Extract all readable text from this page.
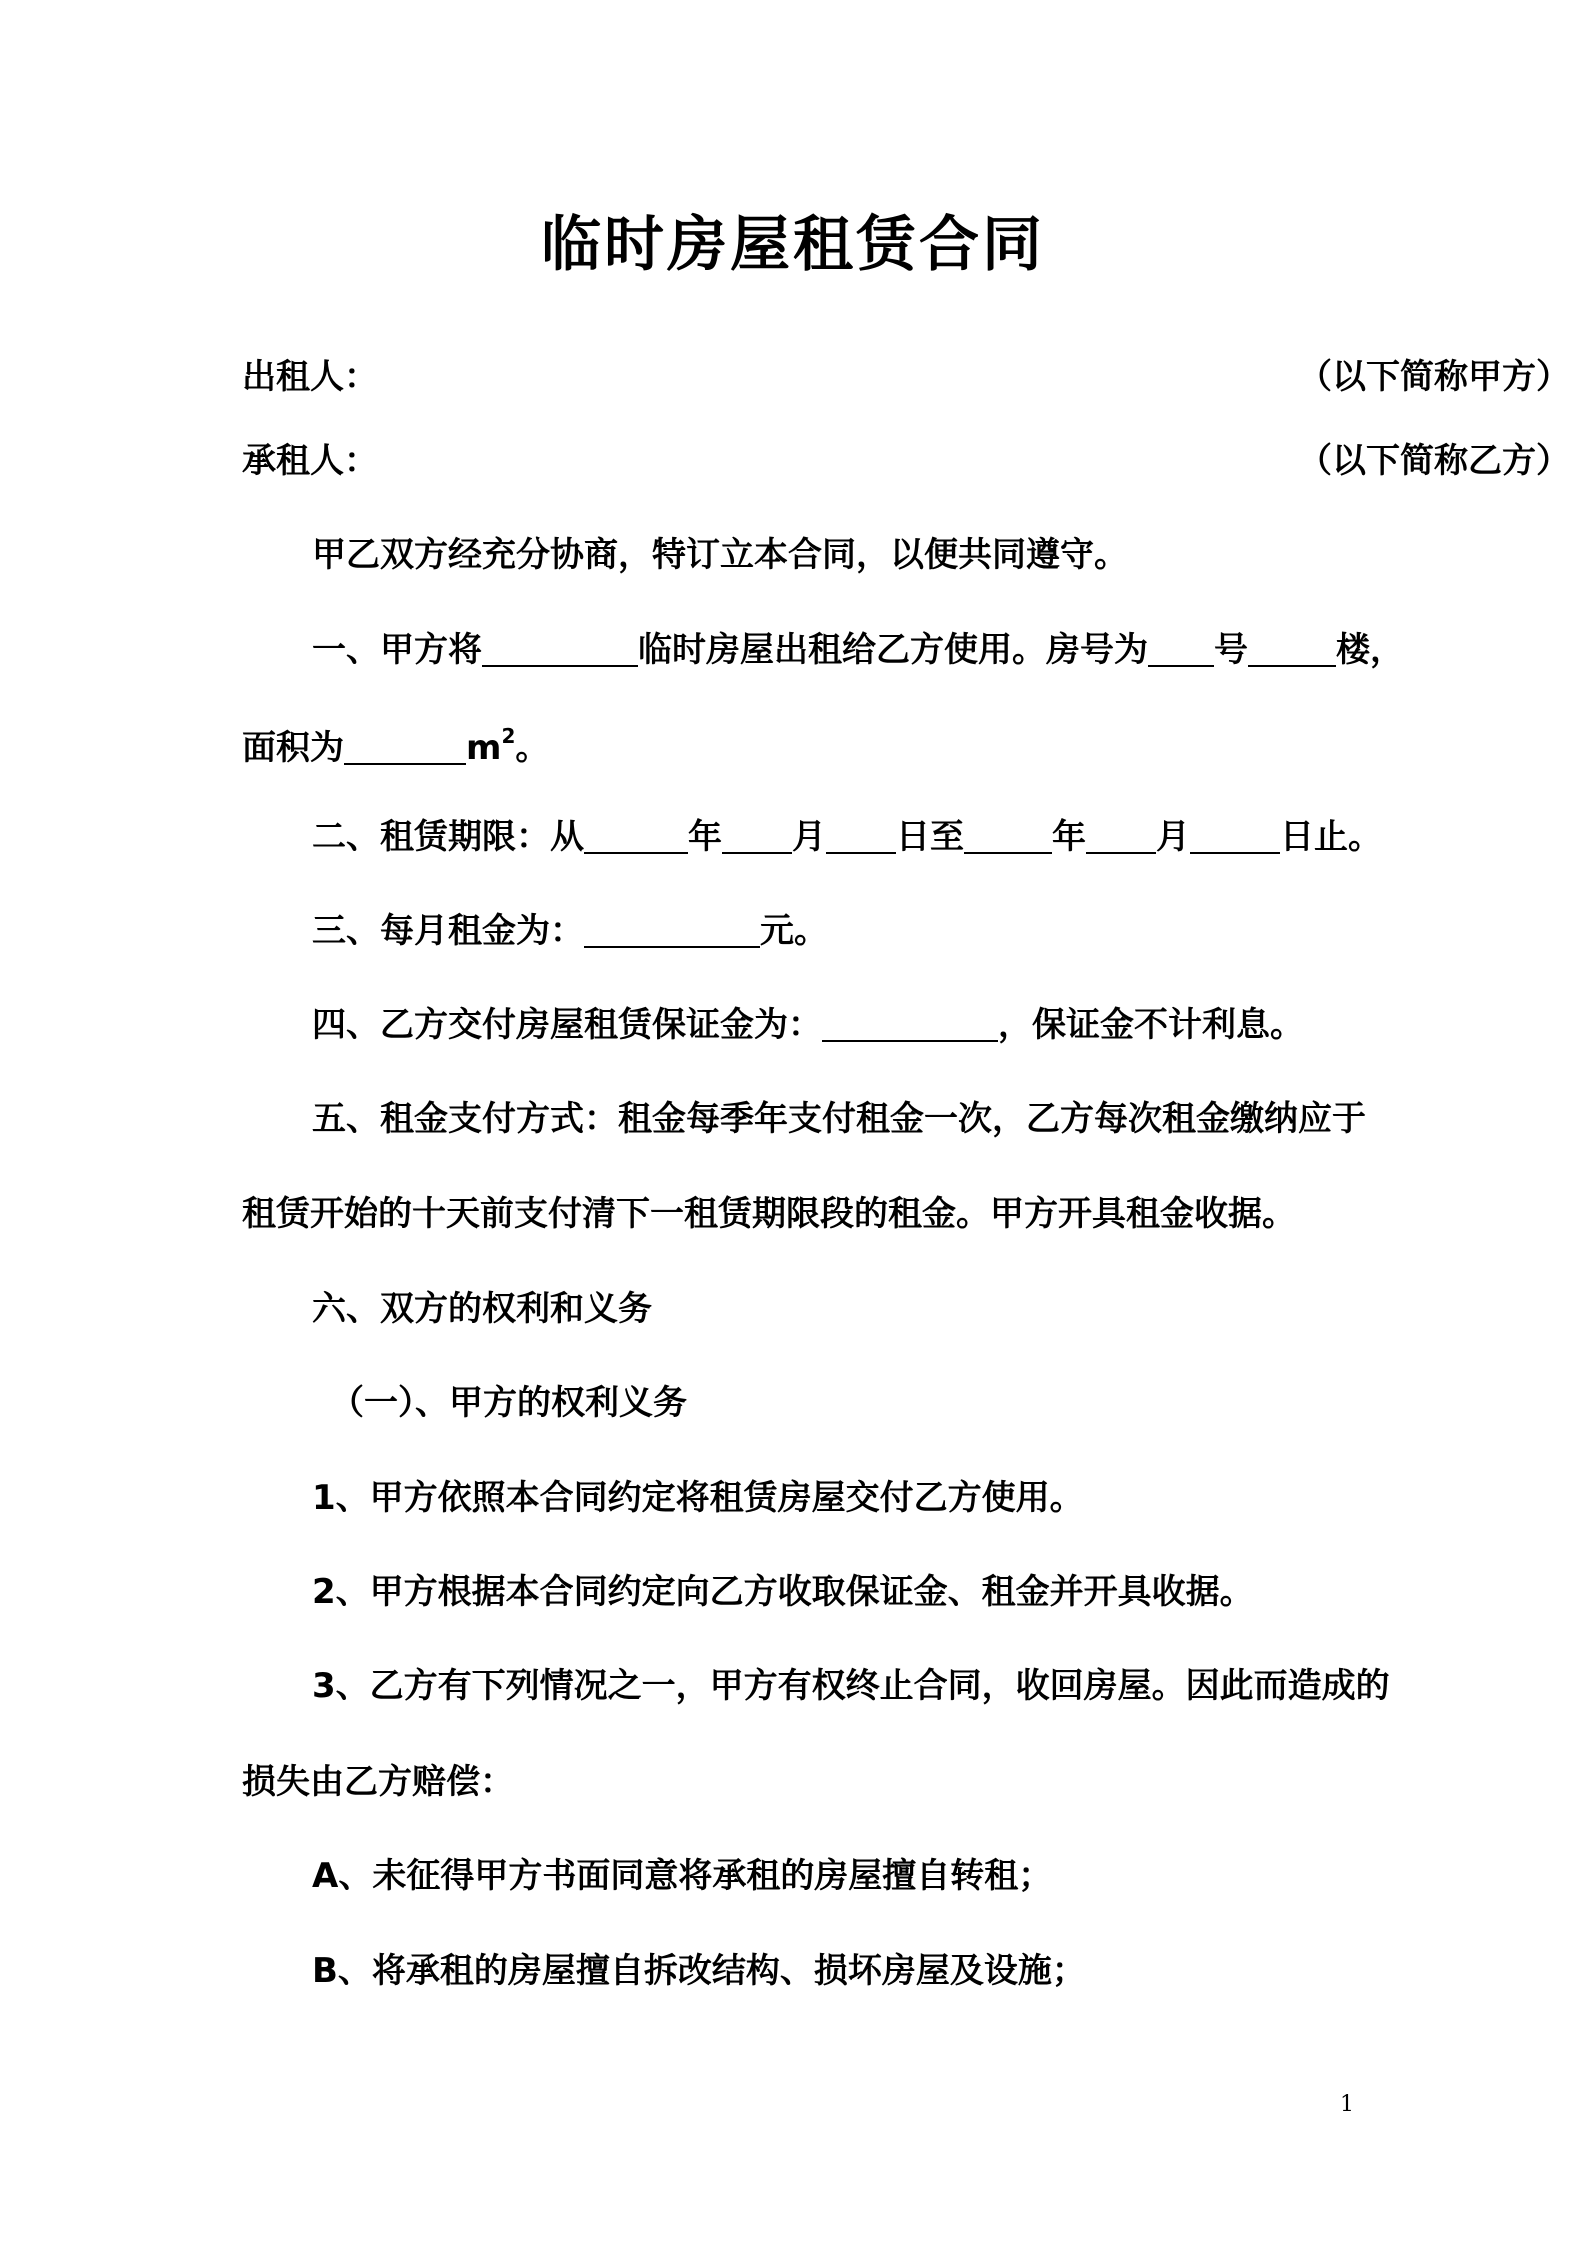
临时房屋租赁合同
出租人：	（以下简称甲方）
承租人：	（以下简称乙方）
甲乙双方经充分协商，特订立本合同，以便共同遵守。
一、甲方将	临时房屋出租给乙方使用。房号为 号	楼，
面积为	$m^2$。
二、租赁期限：从	年 月 日至	年 月	日止。
三、每月租金为：	元。
四、乙方交付房屋租赁保证金为：	，保证金不计利息。
五、租金支付方式：租金每季年支付租金一次，乙方每次租金缴纳应于
租赁开始的十天前支付清下一租赁期限段的租金。甲方开具租金收据。
六、双方的权利和义务
（一）、甲方的权利义务
1、甲方依照本合同约定将租赁房屋交付乙方使用。
2、甲方根据本合同约定向乙方收取保证金、租金并开具收据。
3、乙方有下列情况之一，甲方有权终止合同，收回房屋。因此而造成的
损失由乙方赔偿：
A、未征得甲方书面同意将承租的房屋擅自转租；
B、将承租的房屋擅自拆改结构、损坏房屋及设施；
1
